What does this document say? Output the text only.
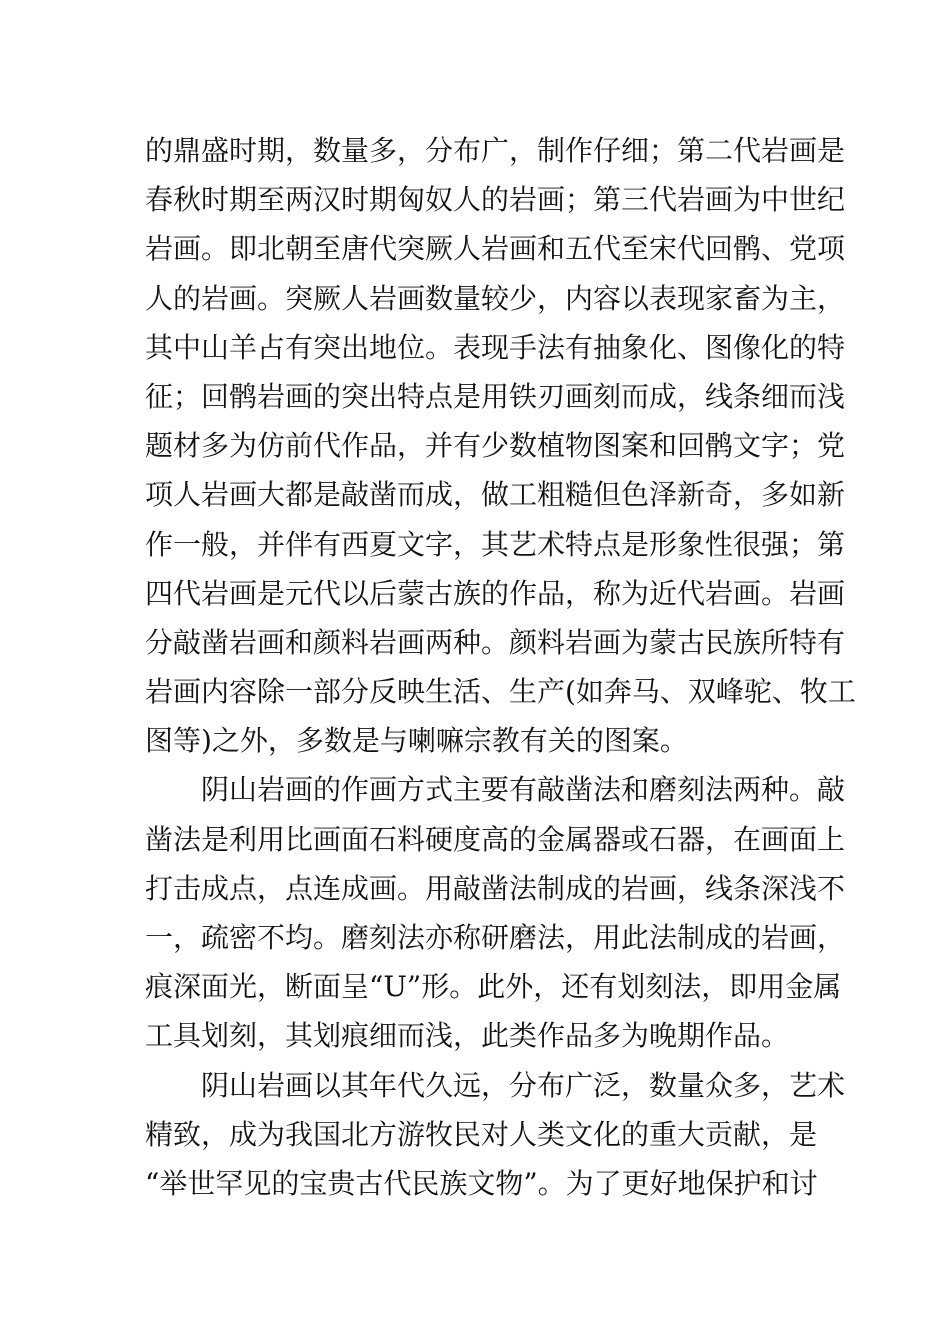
的鼎盛时期，数量多，分布广，制作仔细；第二代岩画是
春秋时期至两汉时期匈奴人的岩画；第三代岩画为中世纪
岩画。即北朝至唐代突厥人岩画和五代至宋代回鹘、党项
人的岩画。突厥人岩画数量较少，内容以表现家畜为主，
其中山羊占有突出地位。表现手法有抽象化、图像化的特
征；回鹘岩画的突出特点是用铁刃画刻而成，线条细而浅
题材多为仿前代作品，并有少数植物图案和回鹘文字；党
项人岩画大都是敲凿而成，做工粗糙但色泽新奇，多如新
作一般，并伴有西夏文字，其艺术特点是形象性很强；第
四代岩画是元代以后蒙古族的作品，称为近代岩画。岩画
分敲凿岩画和颜料岩画两种。颜料岩画为蒙古民族所特有
岩画内容除一部分反映生活、生产(如奔马、双峰驼、牧工
图等)之外，多数是与喇嘛宗教有关的图案。
阴山岩画的作画方式主要有敲凿法和磨刻法两种。敲
凿法是利用比画面石料硬度高的金属器或石器，在画面上
打击成点，点连成画。用敲凿法制成的岩画，线条深浅不
一，疏密不均。磨刻法亦称研磨法，用此法制成的岩画，
痕深面光，断面呈“U”形。此外，还有划刻法，即用金属
工具划刻，其划痕细而浅，此类作品多为晚期作品。
阴山岩画以其年代久远，分布广泛，数量众多，艺术
精致，成为我国北方游牧民对人类文化的重大贡献，是
“举世罕见的宝贵古代民族文物”。为了更好地保护和讨
